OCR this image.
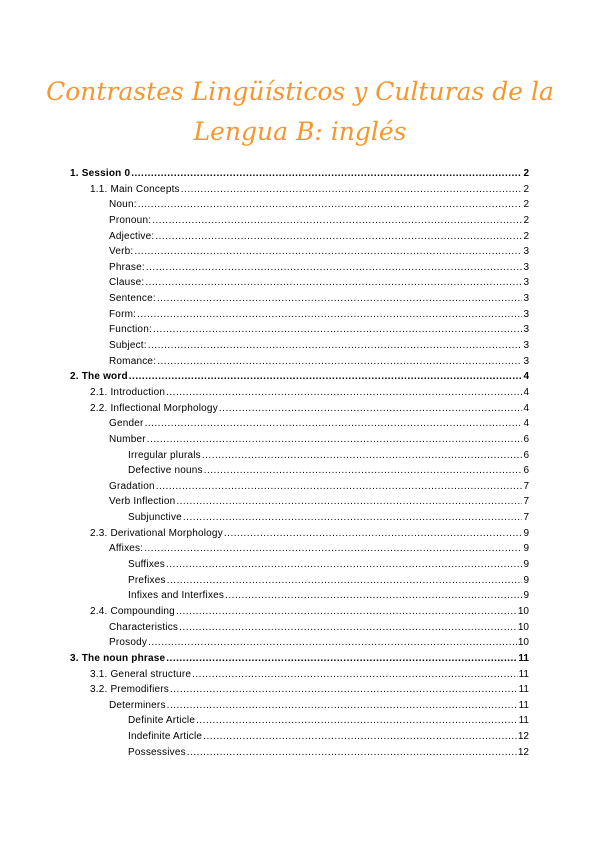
Contrastes Lingüísticos y Culturas de la
Lengua B: inglés
1. Session 0 .....	2
1.1. Main Concepts .....	2
Noun: .....	2
Pronoun: .....	2
Adjective: .....	2
Verb: .....	3
Phrase: .....	3
Clause: .....	3
Sentence: .....	3
Form: .....	3
Function: .....	3
Subject: .....	3
Romance: .....	3
2. The word .....	4
2.1. Introduction .....	4
2.2. Inflectional Morphology .....	4
Gender .....	4
Number .....	6
Irregular plurals .....	6
Defective nouns .....	6
Gradation .....	7
Verb Inflection .....	7
Subjunctive .....	7
2.3. Derivational Morphology .....	9
Affixes: .....	9
Suffixes .....	9
Prefixes .....	9
Infixes and Interfixes .....	9
2.4. Compounding .....	10
Characteristics .....	10
Prosody .....	10
3. The noun phrase .....	11
3.1. General structure .....	11
3.2. Premodifiers .....	11
Determiners .....	11
Definite Article .....	11
Indefinite Article .....	12
Possessives .....	12
